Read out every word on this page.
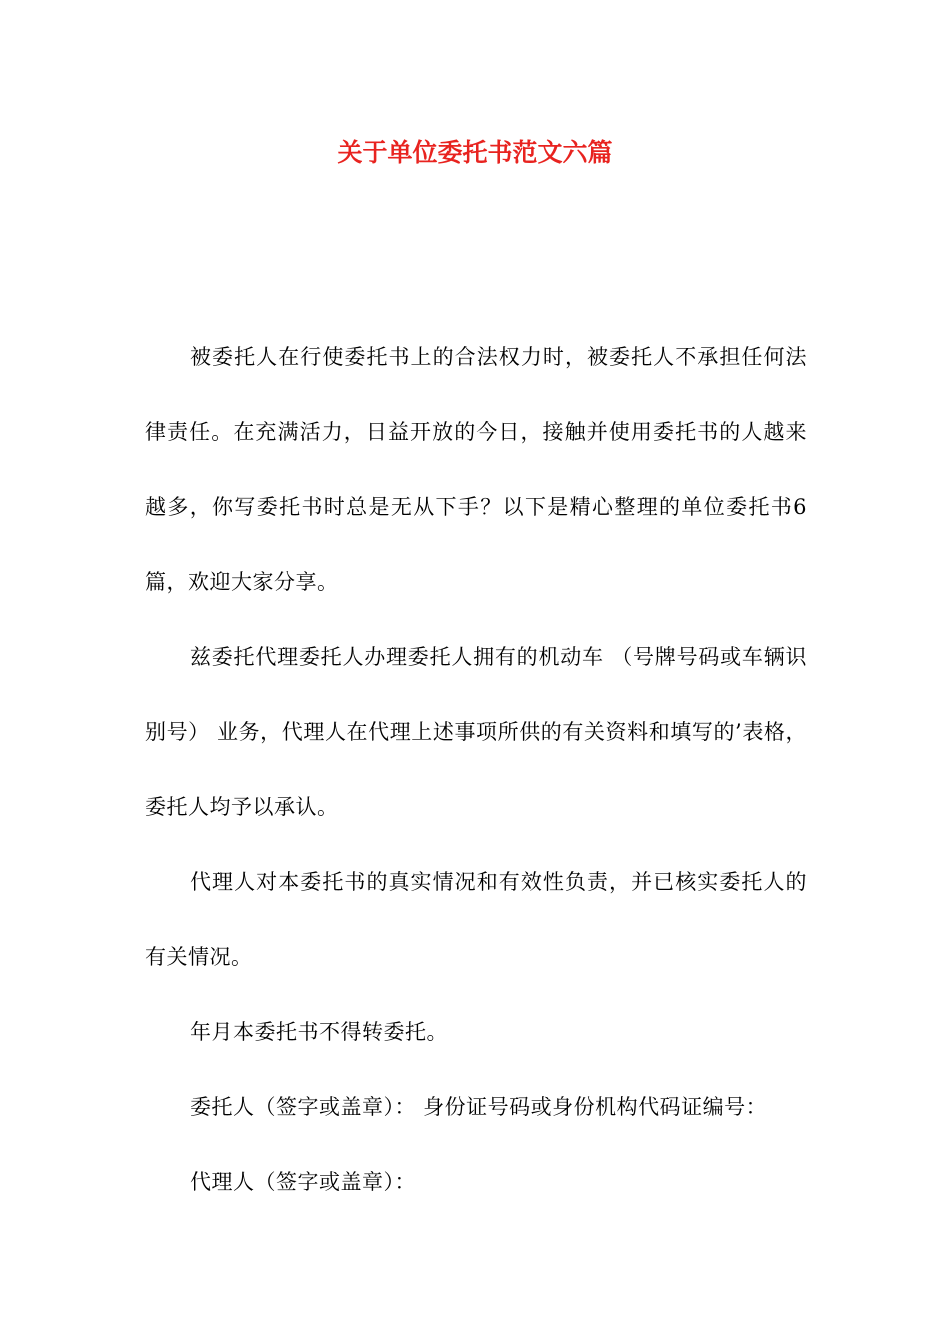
关于单位委托书范文六篇

被委托人在行使委托书上的合法权力时，被委托人不承担任何法律责任。在充满活力，日益开放的今日，接触并使用委托书的人越来越多，你写委托书时总是无从下手？以下是精心整理的单位委托书6篇，欢迎大家分享。

兹委托代理委托人办理委托人拥有的机动车 （号牌号码或车辆识别号） 业务，代理人在代理上述事项所供的有关资料和填写的’表格，委托人均予以承认。

代理人对本委托书的真实情况和有效性负责，并已核实委托人的有关情况。

年月本委托书不得转委托。

委托人（签字或盖章）： 身份证号码或身份机构代码证编号：

代理人（签字或盖章）：
